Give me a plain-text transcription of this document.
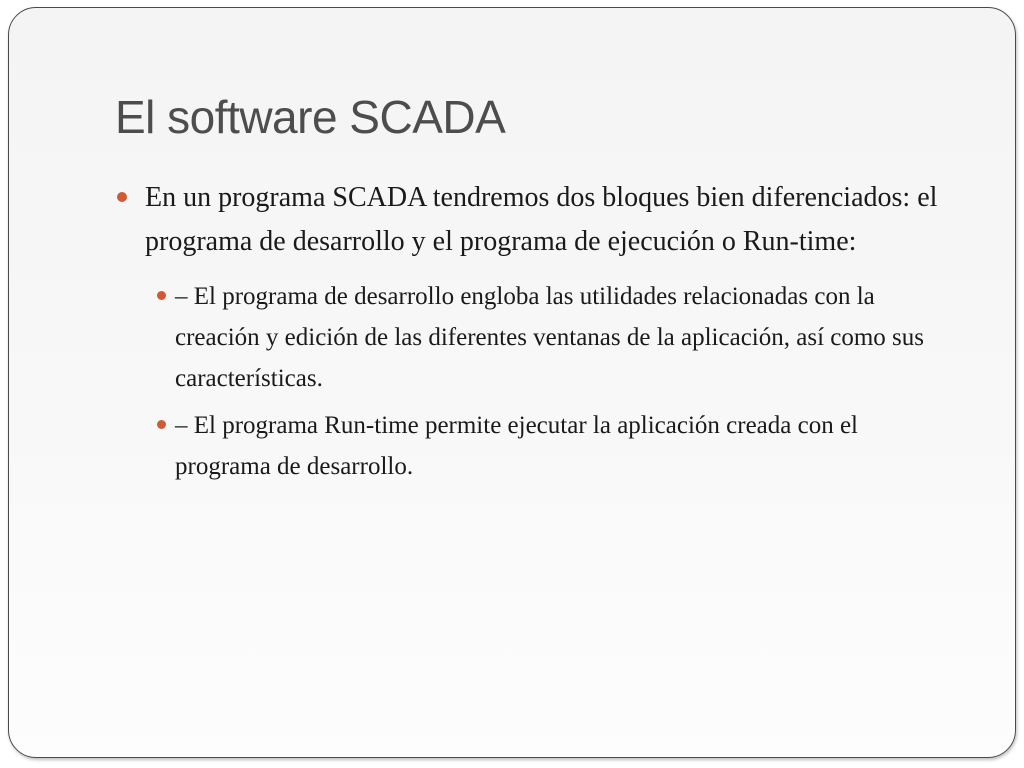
El software SCADA

En un programa SCADA tendremos dos bloques bien diferenciados: el programa de desarrollo y el programa de ejecución o Run-time:

– El programa de desarrollo engloba las utilidades relacionadas con la creación y edición de las diferentes ventanas de la aplicación, así como sus características.

– El programa Run-time permite ejecutar la aplicación creada con el programa de desarrollo.
